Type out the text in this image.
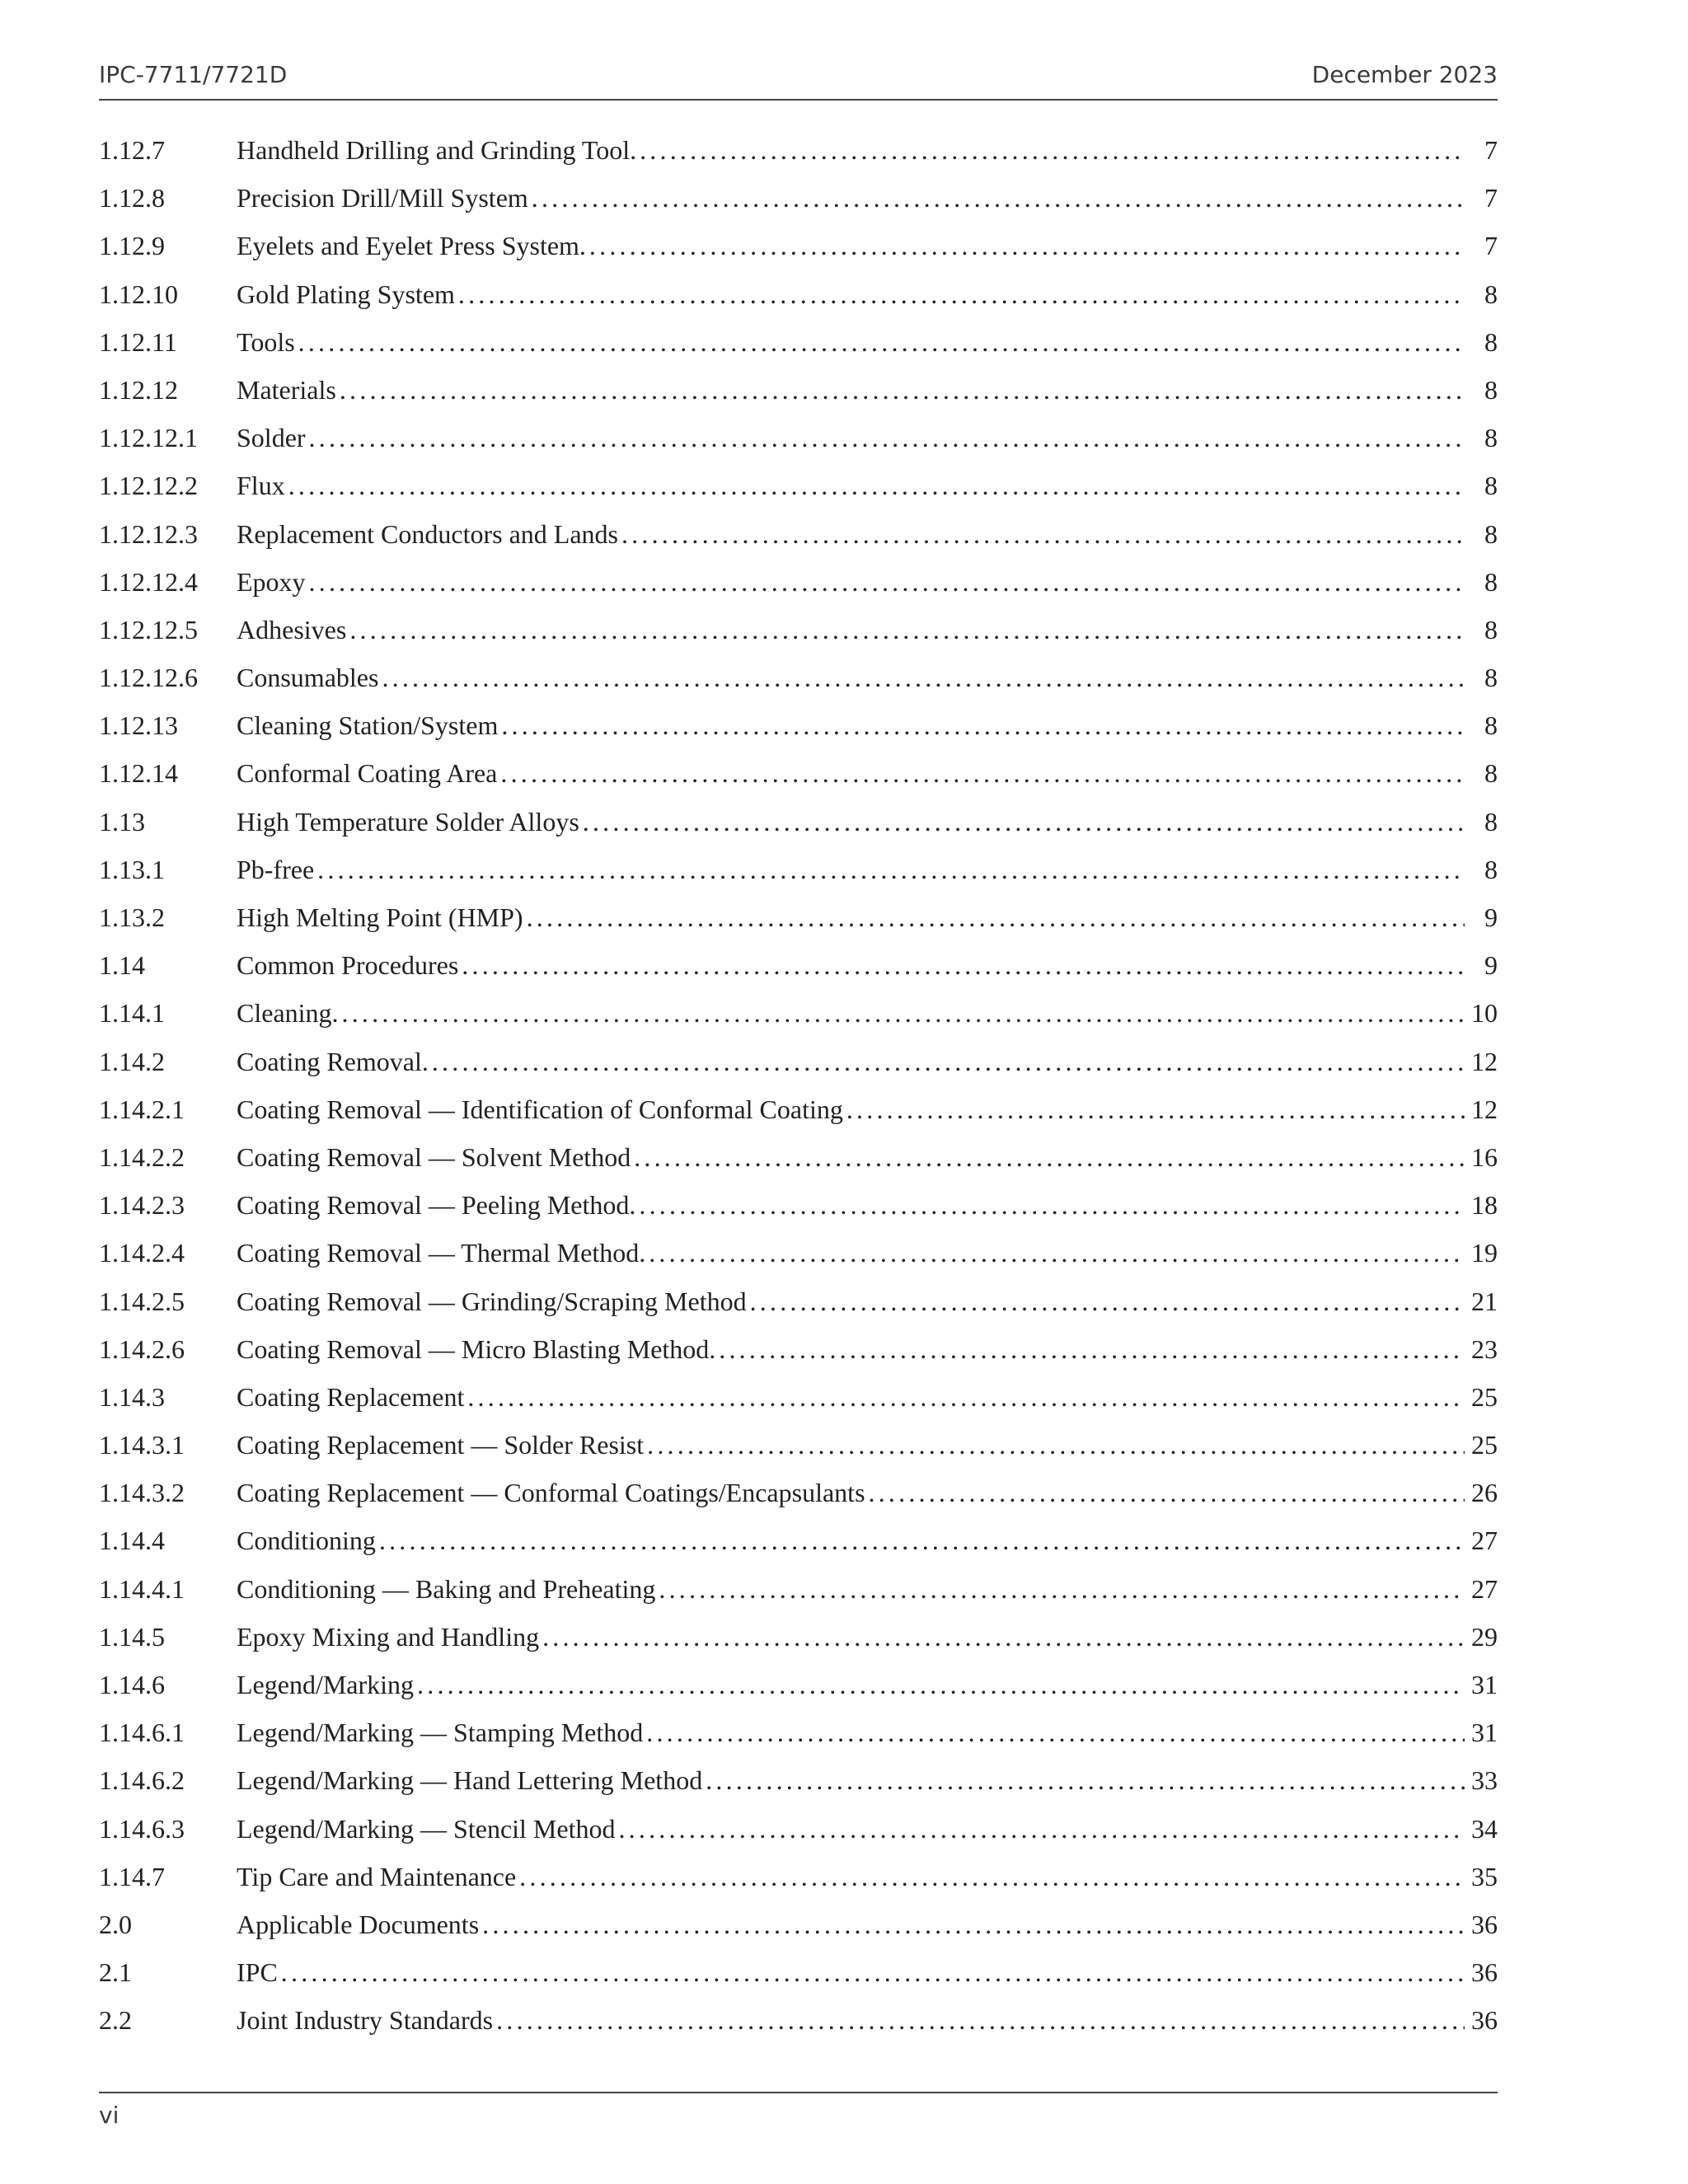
IPC-7711/7721D	December 2023
1.12.7	Handheld Drilling and Grinding Tool. .....	7
1.12.8	Precision Drill/Mill System .....	7
1.12.9	Eyelets and Eyelet Press System. .....	7
1.12.10	Gold Plating System .....	8
1.12.11	Tools .....	8
1.12.12	Materials .....	8
1.12.12.1	Solder .....	8
1.12.12.2	Flux .....	8
1.12.12.3	Replacement Conductors and Lands .....	8
1.12.12.4	Epoxy .....	8
1.12.12.5	Adhesives .....	8
1.12.12.6	Consumables .....	8
1.12.13	Cleaning Station/System .....	8
1.12.14	Conformal Coating Area .....	8
1.13	High Temperature Solder Alloys .....	8
1.13.1	Pb-free .....	8
1.13.2	High Melting Point (HMP) .....	9
1.14	Common Procedures .....	9
1.14.1	Cleaning. .....	10
1.14.2	Coating Removal. .....	12
1.14.2.1	Coating Removal — Identification of Conformal Coating .....	12
1.14.2.2	Coating Removal — Solvent Method .....	16
1.14.2.3	Coating Removal — Peeling Method. .....	18
1.14.2.4	Coating Removal — Thermal Method. .....	19
1.14.2.5	Coating Removal — Grinding/Scraping Method .....	21
1.14.2.6	Coating Removal — Micro Blasting Method. .....	23
1.14.3	Coating Replacement .....	25
1.14.3.1	Coating Replacement — Solder Resist .....	25
1.14.3.2	Coating Replacement — Conformal Coatings/Encapsulants .....	26
1.14.4	Conditioning .....	27
1.14.4.1	Conditioning — Baking and Preheating .....	27
1.14.5	Epoxy Mixing and Handling .....	29
1.14.6	Legend/Marking .....	31
1.14.6.1	Legend/Marking — Stamping Method .....	31
1.14.6.2	Legend/Marking — Hand Lettering Method .....	33
1.14.6.3	Legend/Marking — Stencil Method .....	34
1.14.7	Tip Care and Maintenance .....	35
2.0	Applicable Documents .....	36
2.1	IPC .....	36
2.2	Joint Industry Standards .....	36
vi
